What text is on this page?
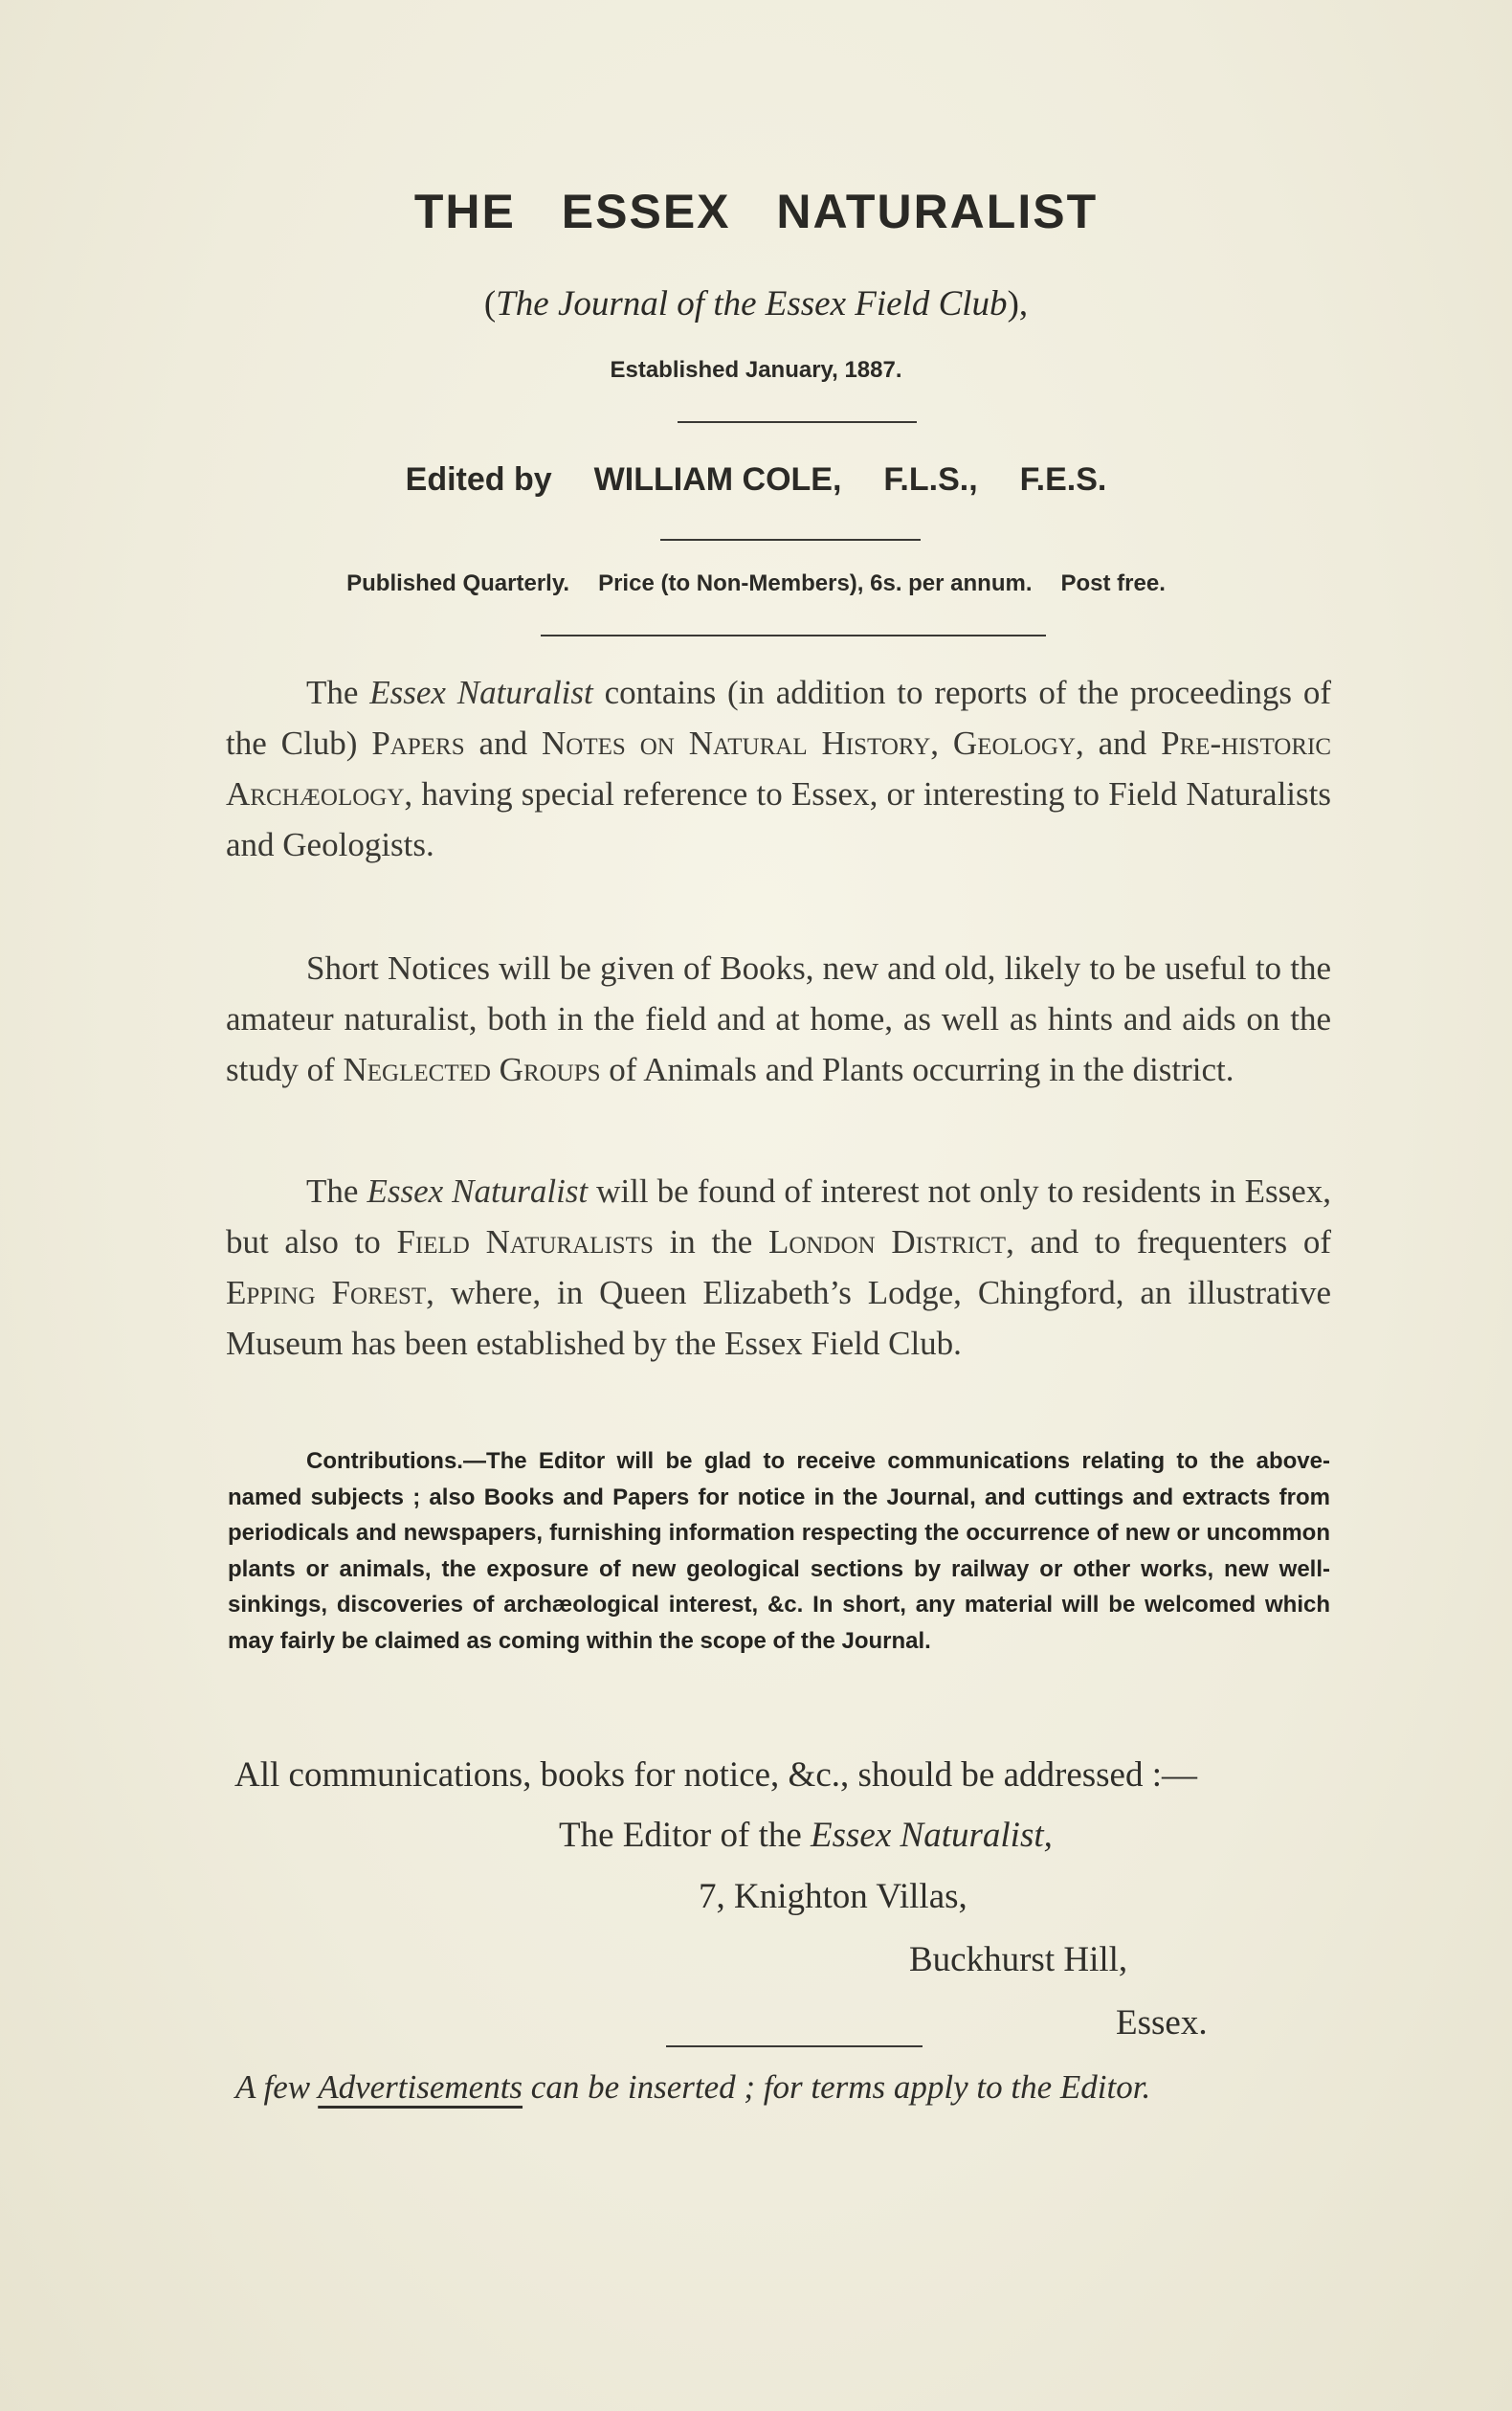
THE ESSEX NATURALIST
(The Journal of the Essex Field Club),
Established January, 1887.
Edited by WILLIAM COLE, F.L.S., F.E.S.
Published Quarterly. Price (to Non-Members), 6s. per annum. Post free.

The Essex Naturalist contains (in addition to reports of the proceedings of the Club) Papers and Notes on Natural History, Geology, and Pre-historic Archæology, having special reference to Essex, or interesting to Field Naturalists and Geologists.

Short Notices will be given of Books, new and old, likely to be useful to the amateur naturalist, both in the field and at home, as well as hints and aids on the study of Neglected Groups of Animals and Plants occurring in the district.

The Essex Naturalist will be found of interest not only to residents in Essex, but also to Field Naturalists in the London District, and to frequenters of Epping Forest, where, in Queen Elizabeth’s Lodge, Chingford, an illustrative Museum has been established by the Essex Field Club.

Contributions.—The Editor will be glad to receive communications relating to the above-named subjects ; also Books and Papers for notice in the Journal, and cuttings and extracts from periodicals and newspapers, furnishing information respecting the occurrence of new or uncommon plants or animals, the exposure of new geological sections by railway or other works, new well-sinkings, discoveries of archæological interest, &c. In short, any material will be welcomed which may fairly be claimed as coming within the scope of the Journal.

All communications, books for notice, &c., should be addressed :—
The Editor of the Essex Naturalist,
7, Knighton Villas,
Buckhurst Hill,
Essex.
A few Advertisements can be inserted ; for terms apply to the Editor.
